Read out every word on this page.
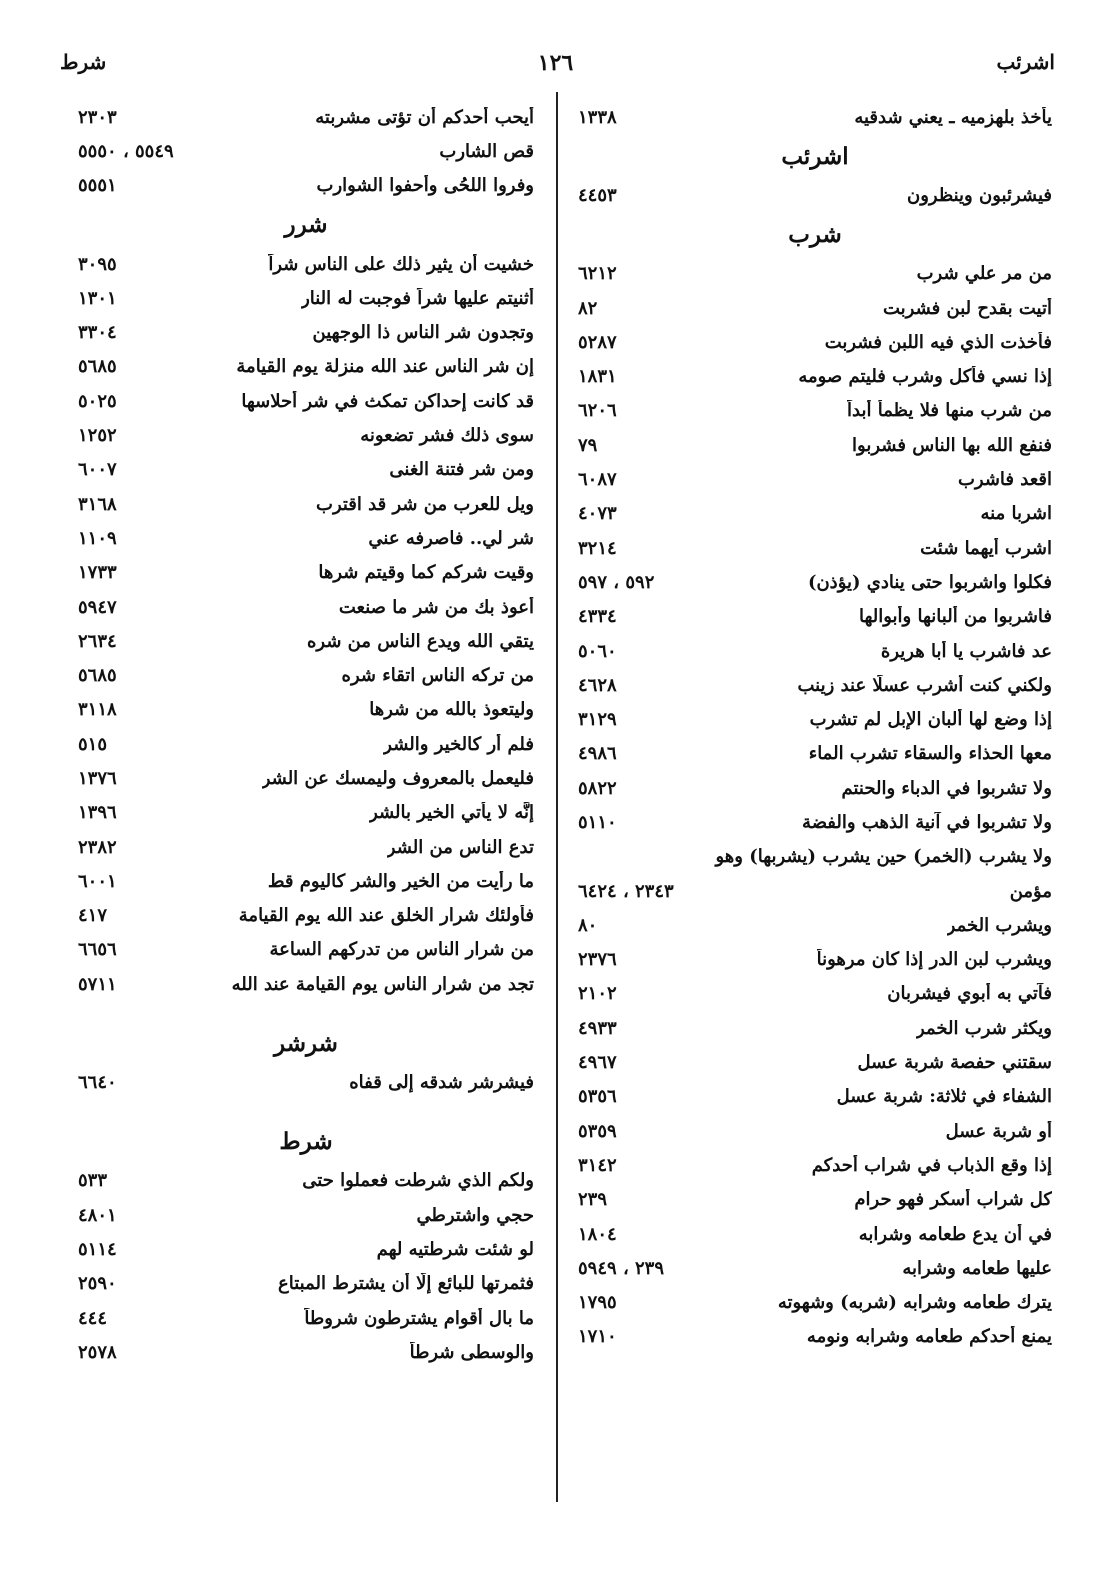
اشرئب
١٢٦
شرط
يأخذ بلهزميه ـ يعني شدقيه
١٣٣٨
اشرئب
فيشرئبون وينظرون
٤٤٥٣
شرب
من مر علي شرب
٦٢١٢
أتيت بقدح لبن فشربت
٨٢
فأخذت الذي فيه اللبن فشربت
٥٢٨٧
إذا نسي فأكل وشرب فليتم صومه
١٨٣١
من شرب منها فلا يظمأ أبداً
٦٢٠٦
فنفع الله بها الناس فشربوا
٧٩
اقعد فاشرب
٦٠٨٧
اشربا منه
٤٠٧٣
اشرب أيهما شئت
٣٢١٤
فكلوا واشربوا حتى ينادي (يؤذن)
٥٩٢ ، ٥٩٧
فاشربوا من ألبانها وأبوالها
٤٣٣٤
عد فاشرب يا أبا هريرة
٥٠٦٠
ولكني كنت أشرب عسلًا عند زينب
٤٦٢٨
إذا وضع لها ألبان الإبل لم تشرب
٣١٢٩
معها الحذاء والسقاء تشرب الماء
٤٩٨٦
ولا تشربوا في الدباء والحنتم
٥٨٢٢
ولا تشربوا في آنية الذهب والفضة
٥١١٠
ولا يشرب (الخمر) حين يشرب (يشربها) وهو
مؤمن
٢٣٤٣ ، ٦٤٢٤
ويشرب الخمر
٨٠
ويشرب لبن الدر إذا كان مرهوناً
٢٣٧٦
فآتي به أبوي فيشربان
٢١٠٢
ويكثر شرب الخمر
٤٩٣٣
سقتني حفصة شربة عسل
٤٩٦٧
الشفاء في ثلاثة: شربة عسل
٥٣٥٦
أو شربة عسل
٥٣٥٩
إذا وقع الذباب في شراب أحدكم
٣١٤٢
كل شراب أسكر فهو حرام
٢٣٩
في أن يدع طعامه وشرابه
١٨٠٤
عليها طعامه وشرابه
٢٣٩ ، ٥٩٤٩
يترك طعامه وشرابه (شربه) وشهوته
١٧٩٥
يمنع أحدكم طعامه وشرابه ونومه
١٧١٠
أيحب أحدكم أن تؤتى مشربته
٢٣٠٣
قص الشارب
٥٥٤٩ ، ٥٥٥٠
وفروا اللحُى وأحفوا الشوارب
٥٥٥١
شرر
خشيت أن يثير ذلك على الناس شراً
٣٠٩٥
أثنيتم عليها شراً فوجبت له النار
١٣٠١
وتجدون شر الناس ذا الوجهين
٣٣٠٤
إن شر الناس عند الله منزلة يوم القيامة
٥٦٨٥
قد كانت إحداكن تمكث في شر أحلاسها
٥٠٢٥
سوى ذلك فشر تضعونه
١٢٥٢
ومن شر فتنة الغنى
٦٠٠٧
ويل للعرب من شر قد اقترب
٣١٦٨
شر لي.. فاصرفه عني
١١٠٩
وقيت شركم كما وقيتم شرها
١٧٣٣
أعوذ بك من شر ما صنعت
٥٩٤٧
يتقي الله ويدع الناس من شره
٢٦٣٤
من تركه الناس اتقاء شره
٥٦٨٥
وليتعوذ بالله من شرها
٣١١٨
فلم أر كالخير والشر
٥١٥
فليعمل بالمعروف وليمسك عن الشر
١٣٧٦
إنَّه لا يأتي الخير بالشر
١٣٩٦
تدع الناس من الشر
٢٣٨٢
ما رأيت من الخير والشر كاليوم قط
٦٠٠١
فأولئك شرار الخلق عند الله يوم القيامة
٤١٧
من شرار الناس من تدركهم الساعة
٦٦٥٦
تجد من شرار الناس يوم القيامة عند الله
٥٧١١
شرشر
فيشرشر شدقه إلى قفاه
٦٦٤٠
شرط
ولكم الذي شرطت فعملوا حتى
٥٣٣
حجي واشترطي
٤٨٠١
لو شئت شرطتيه لهم
٥١١٤
فثمرتها للبائع إلَّا أن يشترط المبتاع
٢٥٩٠
ما بال أقوام يشترطون شروطاً
٤٤٤
والوسطى شرطاً
٢٥٧٨
